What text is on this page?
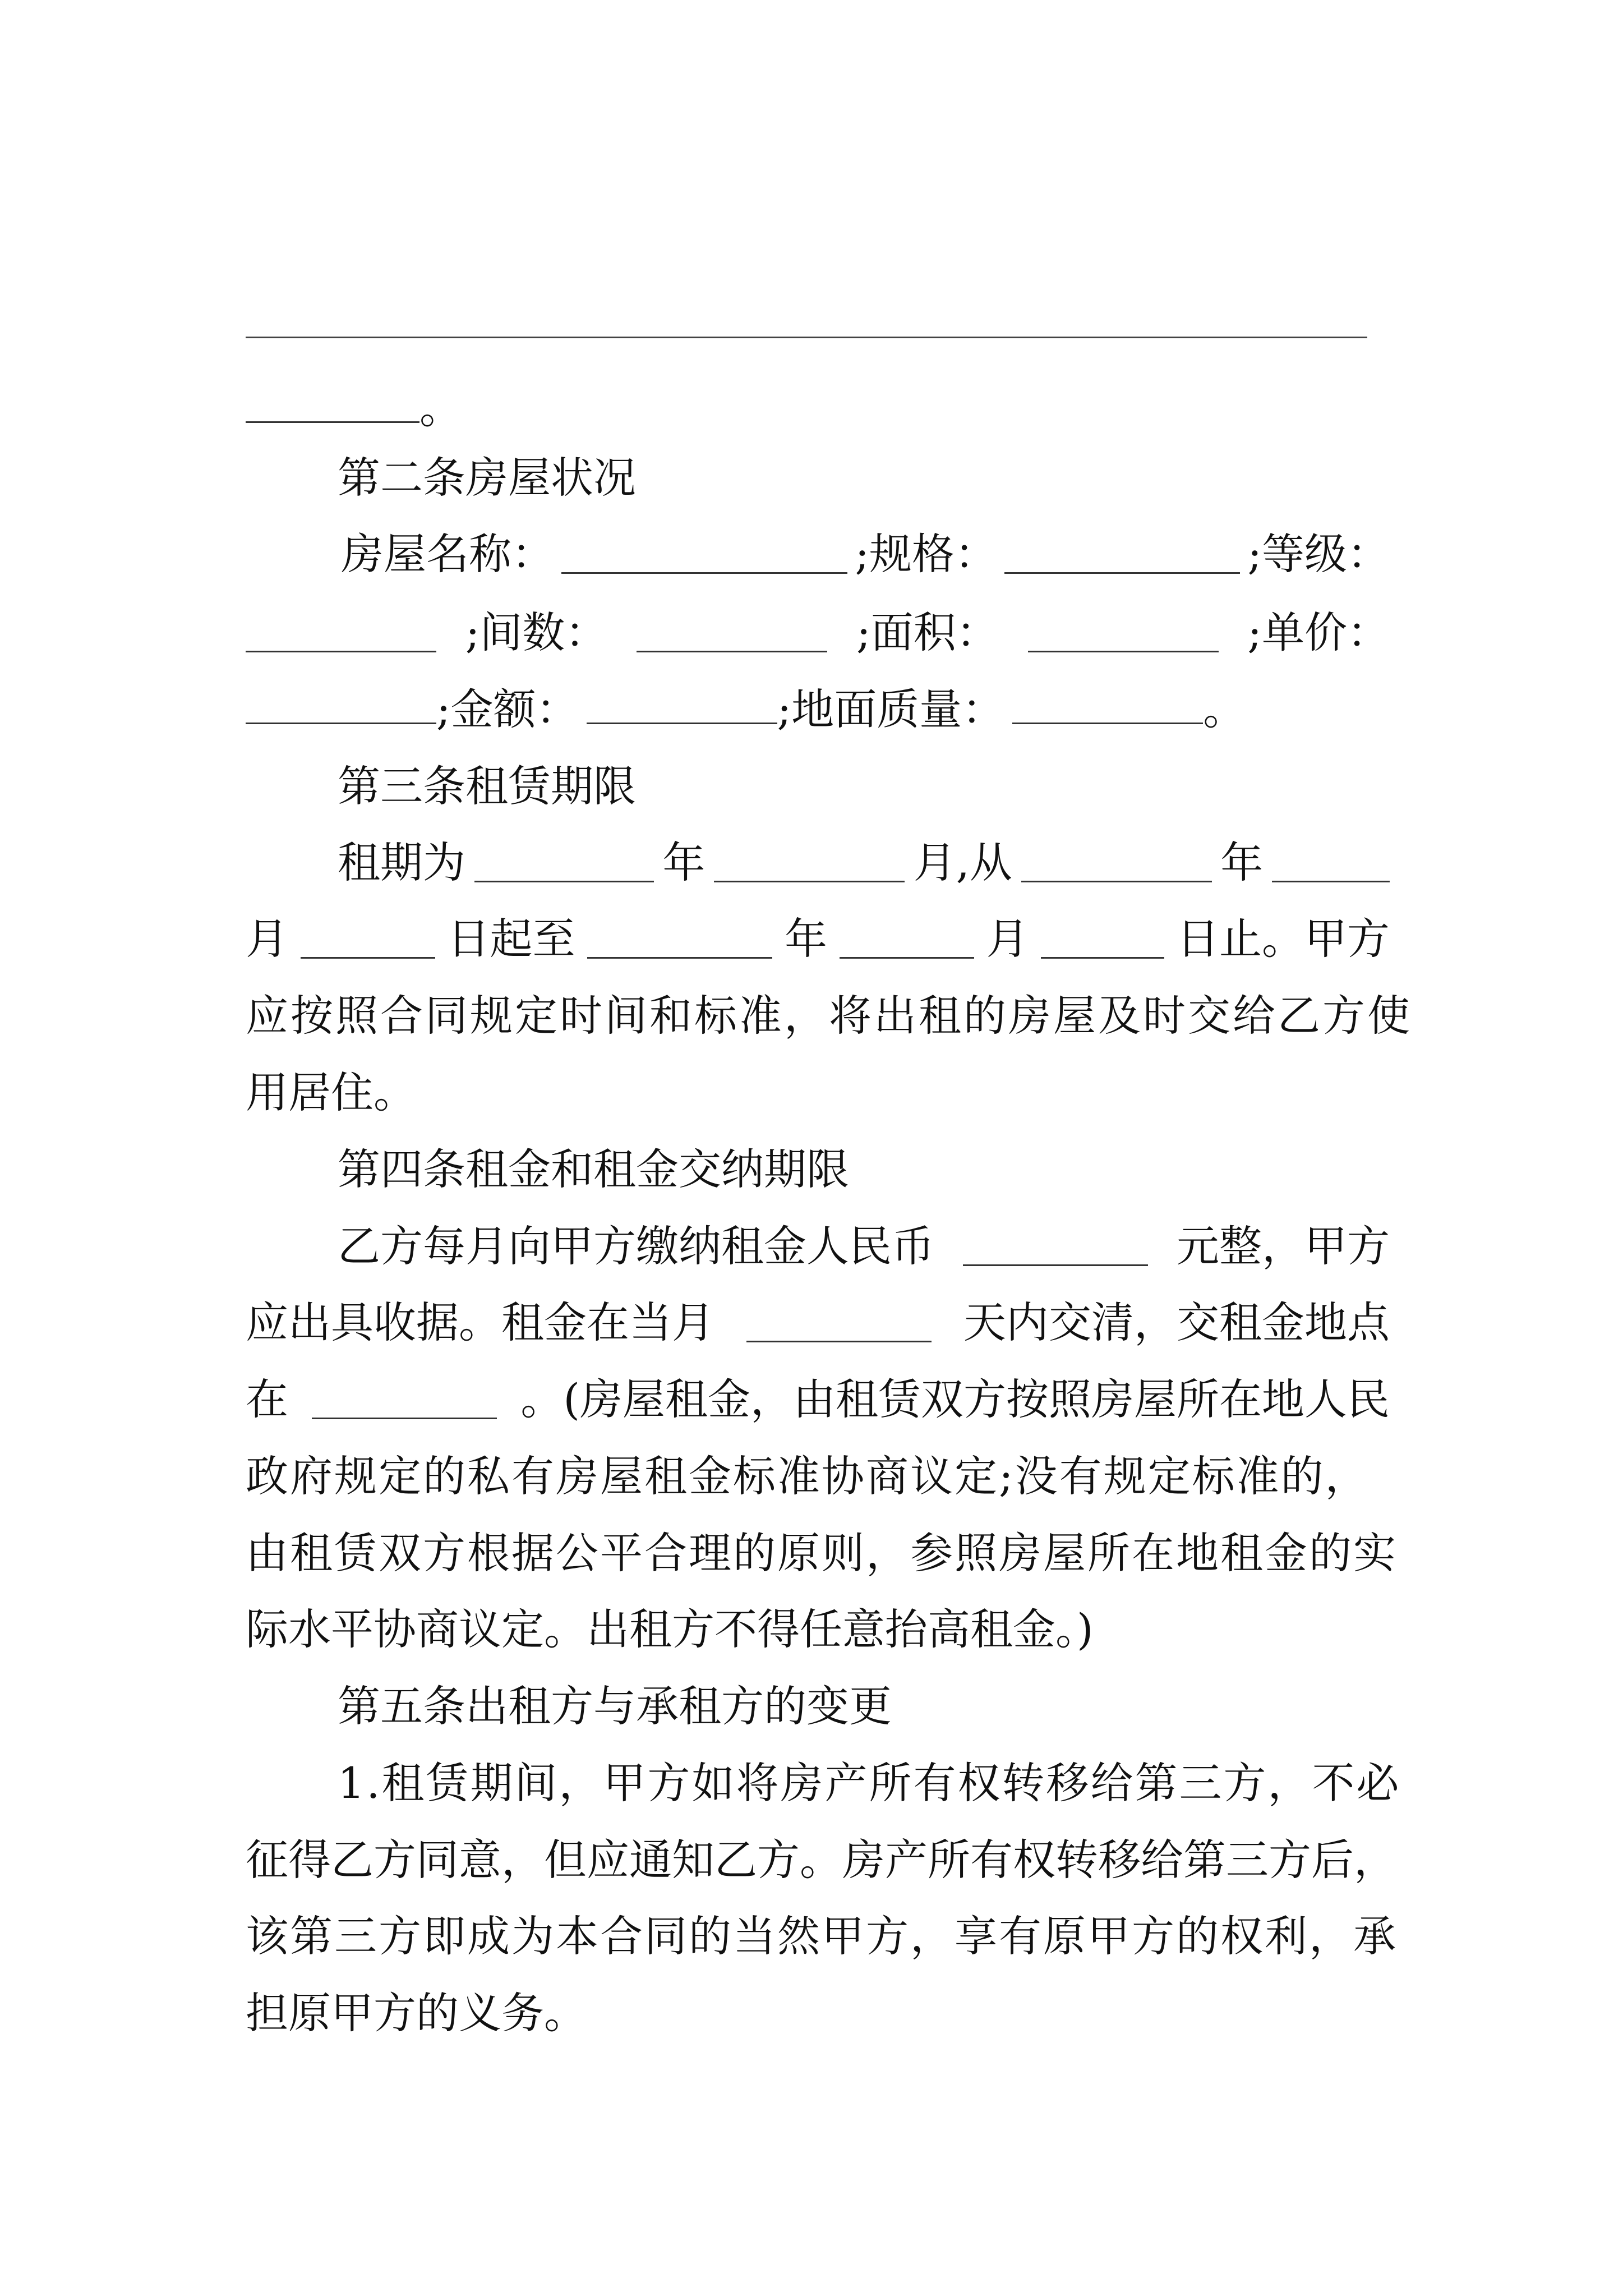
。
第二条房屋状况
房屋名称：	;规格：	;等级：
;间数：	;面积：	;单价：
;金额：	;地面质量：	。
第三条租赁期限
租期为	年	月,从	年
月	日起至	年	月	日止。甲方
应按照合同规定时间和标准，将出租的房屋及时交给乙方使
用居住。
第四条租金和租金交纳期限
乙方每月向甲方缴纳租金人民币	元整，甲方
应出具收据。租金在当月	天内交清，交租金地点
在	。(房屋租金，由租赁双方按照房屋所在地人民
政府规定的私有房屋租金标准协商议定;没有规定标准的，
由租赁双方根据公平合理的原则，参照房屋所在地租金的实
际水平协商议定。出租方不得任意抬高租金。)
第五条出租方与承租方的变更
1.租赁期间，甲方如将房产所有权转移给第三方，不必
征得乙方同意，但应通知乙方。房产所有权转移给第三方后，
该第三方即成为本合同的当然甲方，享有原甲方的权利，承
担原甲方的义务。
